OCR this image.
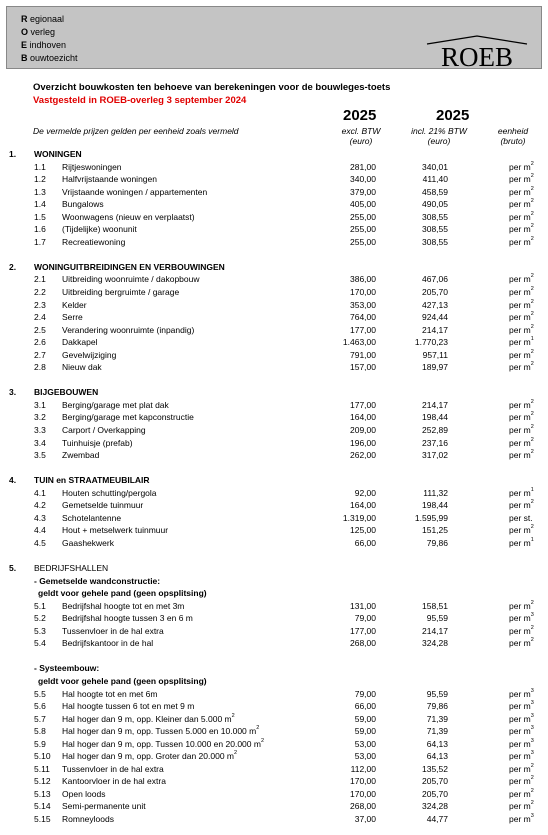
R egionaal
O verleg
E indhoven
B ouwtoezicht	ROEB
Overzicht bouwkosten ten behoeve van berekeningen voor de bouwleges-toets
Vastgesteld in ROEB-overleg 3 september 2024
2025	2025
De vermelde prijzen gelden per eenheid zoals vermeld	excl. BTW
(euro)
incl. 21% BTW
(euro)
eenheid
(bruto)
1. WONINGEN
1.1 Rijtjeswoningen	281,00	340,01	per $m^2$
1.2 Halfvrijstaande woningen	340,00	411,40	per $m^2$
1.3 Vrijstaande woningen / appartementen	379,00	458,59	per $m^2$
1.4 Bungalows	405,00	490,05	per $m^2$
1.5 Woonwagens (nieuw en verplaatst)	255,00	308,55	per $m^2$
1.6 (Tijdelijke) woonunit	255,00	308,55	per $m^2$
1.7 Recreatiewoning	255,00	308,55	per $m^2$
2. WONINGUITBREIDINGEN EN VERBOUWINGEN
2.1 Uitbreiding woonruimte / dakopbouw	386,00	467,06	per $m^2$
2.2 Uitbreiding bergruimte / garage	170,00	205,70	per $m^2$
2.3 Kelder	353,00	427,13	per $m^2$
2.4 Serre	764,00	924,44	per $m^2$
2.5 Verandering woonruimte (inpandig)	177,00	214,17	per $m^2$
2.6 Dakkapel	1.463,00	1.770,23	per $m^1$
2.7 Gevelwijziging	791,00	957,11	per $m^2$
2.8 Nieuw dak	157,00	189,97	per $m^2$
3. BIJGEBOUWEN
3.1 Berging/garage met plat dak	177,00	214,17	per $m^2$
3.2 Berging/garage met kapconstructie	164,00	198,44	per $m^2$
3.3 Carport / Overkapping	209,00	252,89	per $m^2$
3.4 Tuinhuisje (prefab)	196,00	237,16	per $m^2$
3.5 Zwembad	262,00	317,02	per $m^2$
4. TUIN en STRAATMEUBILAIR
4.1 Houten schutting/pergola	92,00	111,32	per $m^1$
4.2 Gemetselde tuinmuur	164,00	198,44	per $m^2$
4.3 Schotelantenne	1.319,00	1.595,99	per st.
4.4 Hout + metselwerk tuinmuur	125,00	151,25	per $m^2$
4.5 Gaashekwerk	66,00	79,86	per $m^1$
5. BEDRIJFSHALLEN
- Gemetselde wandconstructie:
geldt voor gehele pand (geen opsplitsing)
5.1 Bedrijfshal hoogte tot en met 3m	131,00	158,51	per $m^2$
5.2 Bedrijfshal hoogte tussen 3 en 6 m	79,00	95,59	per $m^3$
5.3 Tussenvloer in de hal extra	177,00	214,17	per $m^2$
5.4 Bedrijfskantoor in de hal	268,00	324,28	per $m^2$
- Systeembouw:
geldt voor gehele pand (geen opsplitsing)
5.5 Hal hoogte tot en met 6m	79,00	95,59	per $m^3$
5.6 Hal hoogte tussen 6 tot en met 9 m	66,00	79,86	per $m^3$
5.7 Hal hoger dan 9 m, opp. Kleiner dan 5.000 $m^2$	59,00	71,39	per $m^3$
5.8 Hal hoger dan 9 m, opp. Tussen 5.000 en 10.000 $m^2$	59,00	71,39	per $m^3$
5.9 Hal hoger dan 9 m, opp. Tussen 10.000 en 20.000 $m^2$	53,00	64,13	per $m^3$
5.10 Hal hoger dan 9 m, opp. Groter dan 20.000 $m^2$	53,00	64,13	per $m^3$
5.11 Tussenvloer in de hal extra	112,00	135,52	per $m^2$
5.12 Kantoorvloer in de hal extra	170,00	205,70	per $m^2$
5.13 Open loods	170,00	205,70	per $m^2$
5.14 Semi-permanente unit	268,00	324,28	per $m^2$
5.15 Romneyloods	37,00	44,77	per $m^3$
